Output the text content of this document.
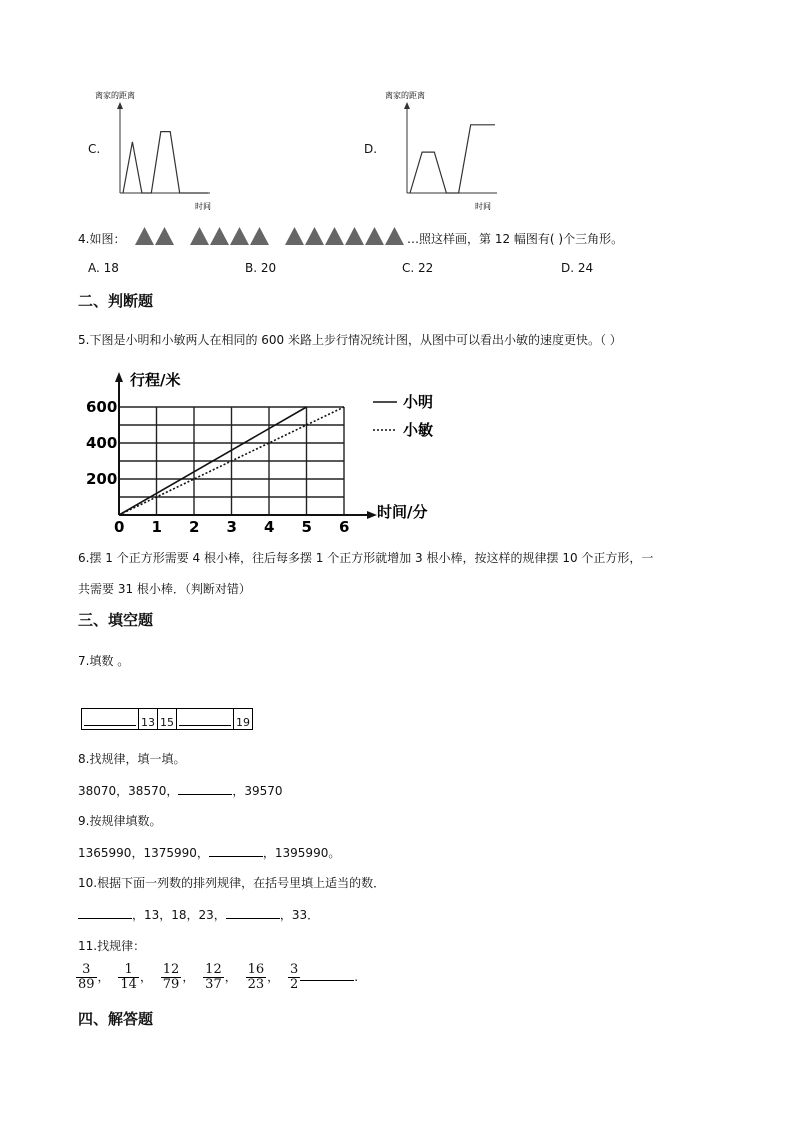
C.
离家的距离
时间
D.
离家的距离
时间
4.如图：	…照这样画，第 12 幅图有( )个三角形。
A. 18	B. 20	C. 22	D. 24
二、判断题
5.下图是小明和小敏两人在相同的 600 米路上步行情况统计图，从图中可以看出小敏的速度更快。（ ）
行程/米
时间/分
0 1 2 3 4 5 6
200
400
600	小明
小敏
6.摆 1 个正方形需要 4 根小棒，往后每多摆 1 个正方形就增加 3 根小棒，按这样的规律摆 10 个正方形，一
共需要 31 根小棒．（判断对错）
三、填空题
7.填数 。
	13	15		19
8.找规律，填一填。
38070，38570，	，39570
9.按规律填数。
1365990，1375990，	，1395990。
10.根据下面一列数的排列规律，在括号里填上适当的数．
，13，18，23，	，33．
11.找规律：
$\frac{3}{89}$ ， $\frac{1}{14}$ ， $\frac{12}{79}$ ， $\frac{12}{37}$ ， $\frac{16}{23}$ ， $\frac{3}{2}$	.
四、解答题
